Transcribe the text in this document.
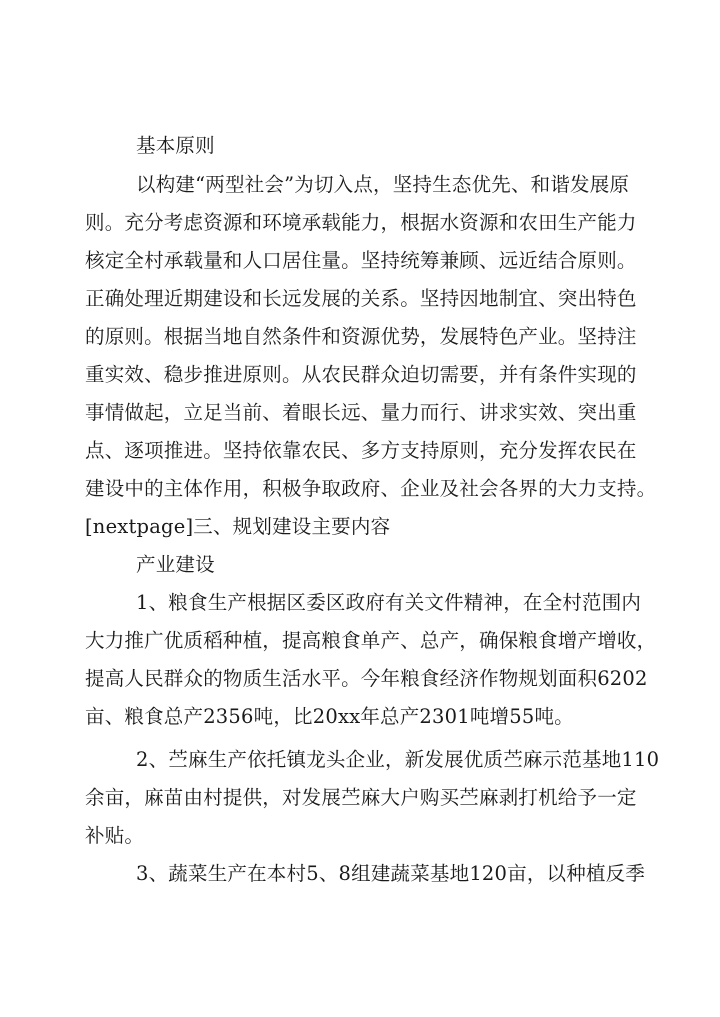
基本原则
以构建“两型社会”为切入点，坚持生态优先、和谐发展原
则。充分考虑资源和环境承载能力，根据水资源和农田生产能力
核定全村承载量和人口居住量。坚持统筹兼顾、远近结合原则。
正确处理近期建设和长远发展的关系。坚持因地制宜、突出特色
的原则。根据当地自然条件和资源优势，发展特色产业。坚持注
重实效、稳步推进原则。从农民群众迫切需要，并有条件实现的
事情做起，立足当前、着眼长远、量力而行、讲求实效、突出重
点、逐项推进。坚持依靠农民、多方支持原则，充分发挥农民在
建设中的主体作用，积极争取政府、企业及社会各界的大力支持。
[nextpage]三、规划建设主要内容
产业建设
1、粮食生产根据区委区政府有关文件精神，在全村范围内
大力推广优质稻种植，提高粮食单产、总产，确保粮食增产增收，
提高人民群众的物质生活水平。今年粮食经济作物规划面积6202
亩、粮食总产2356吨，比20xx年总产2301吨增55吨。
2、苎麻生产依托镇龙头企业，新发展优质苎麻示范基地110
余亩，麻苗由村提供，对发展苎麻大户购买苎麻剥打机给予一定
补贴。
3、蔬菜生产在本村5、8组建蔬菜基地120亩，以种植反季
